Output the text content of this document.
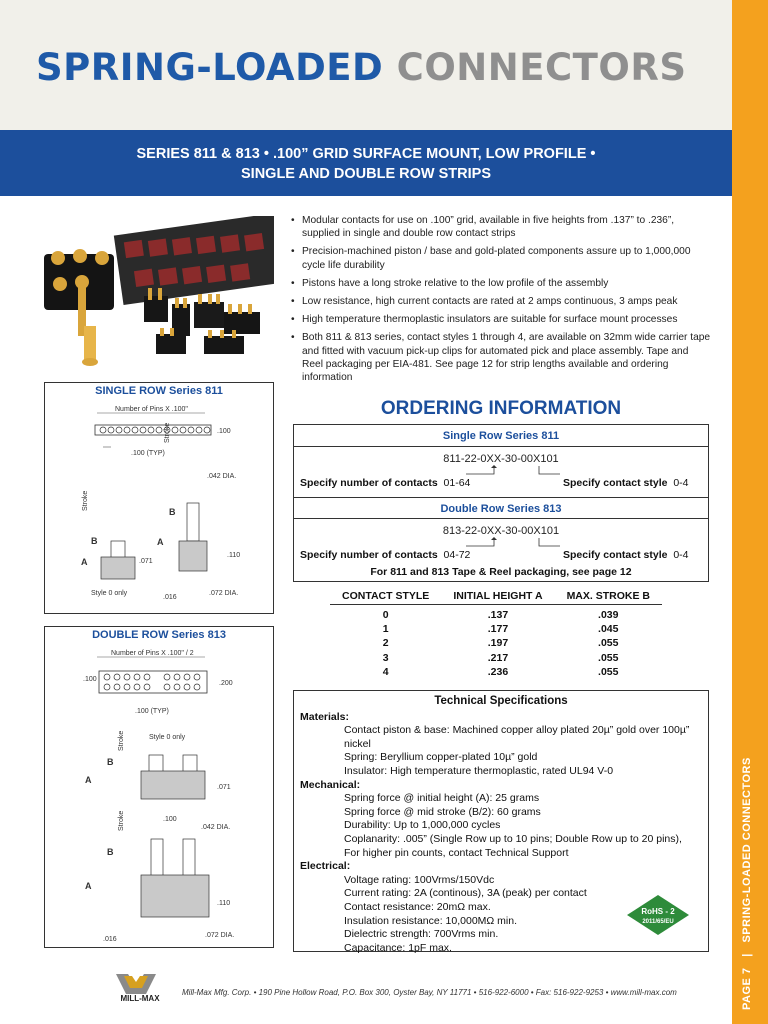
SPRING-LOADED CONNECTORS
SERIES 811 & 813 • .100” GRID SURFACE MOUNT, LOW PROFILE •
SINGLE AND DOUBLE ROW STRIPS
PAGE 7   |   SPRING-LOADED CONNECTORS
• Modular contacts for use on .100” grid, available in five heights from .137” to .236”, supplied in single and double row contact strips
• Precision-machined piston / base and gold-plated components assure up to 1,000,000 cycle life durability
• Pistons have a long stroke relative to the low profile of the assembly
• Low resistance, high current contacts are rated at 2 amps continuous, 3 amps peak
• High temperature thermoplastic insulators are suitable for surface mount processes
• Both 811 & 813 series, contact styles 1 through 4, are available on 32mm wide carrier tape and fitted with vacuum pick-up clips for automated pick and place assembly. Tape and Reel packaging per EIA-481. See page 12 for strip lengths available and ordering information
SINGLE ROW Series 811
Number of Pins X .100"
.100
.100 (TYP)
Stroke
B
A	.071
Style 0 only
Stroke
.042 DIA.
B
A
.110
.016
.072 DIA.
DOUBLE ROW Series 813
Number of Pins X .100" / 2
.100
.200
.100 (TYP)
Style 0 only
Stroke
B
A
.071
Stroke	.100
.042 DIA.
B
A
.110
.016
.072 DIA.
ORDERING INFORMATION
Single Row Series 811
811-22-0XX-30-00X101
Specify number of contacts 01-64	Specify contact style 0-4
Double Row Series 813
813-22-0XX-30-00X101
Specify number of contacts 04-72	Specify contact style 0-4
For 811 and 813 Tape & Reel packaging, see page 12
CONTACT STYLE	INITIAL HEIGHT A	MAX. STROKE B
0	.137	.039
1	.177	.045
2	.197	.055
3	.217	.055
4	.236	.055
Technical Specifications
Materials:
Contact piston & base: Machined copper alloy plated 20µ” gold over 100µ” nickel
Spring: Beryllium copper-plated 10µ” gold
Insulator: High temperature thermoplastic, rated UL94 V-0
Mechanical:
Spring force @ initial height (A): 25 grams
Spring force @ mid stroke (B/2): 60 grams
Durability: Up to 1,000,000 cycles
Coplanarity: .005” (Single Row up to 10 pins; Double Row up to 20 pins),
For higher pin counts, contact Technical Support
Electrical:
Voltage rating: 100Vrms/150Vdc
Current rating: 2A (continous), 3A (peak) per contact
Contact resistance: 20mΩ max.
Insulation resistance: 10,000MΩ min.
Dielectric strength: 700Vrms min.
Capacitance: 1pF max.
RoHS - 2
2011/65/EU
MILL-MAX
Mill-Max Mfg. Corp. • 190 Pine Hollow Road, P.O. Box 300, Oyster Bay, NY 11771 • 516-922-6000 • Fax: 516-922-9253 • www.mill-max.com
